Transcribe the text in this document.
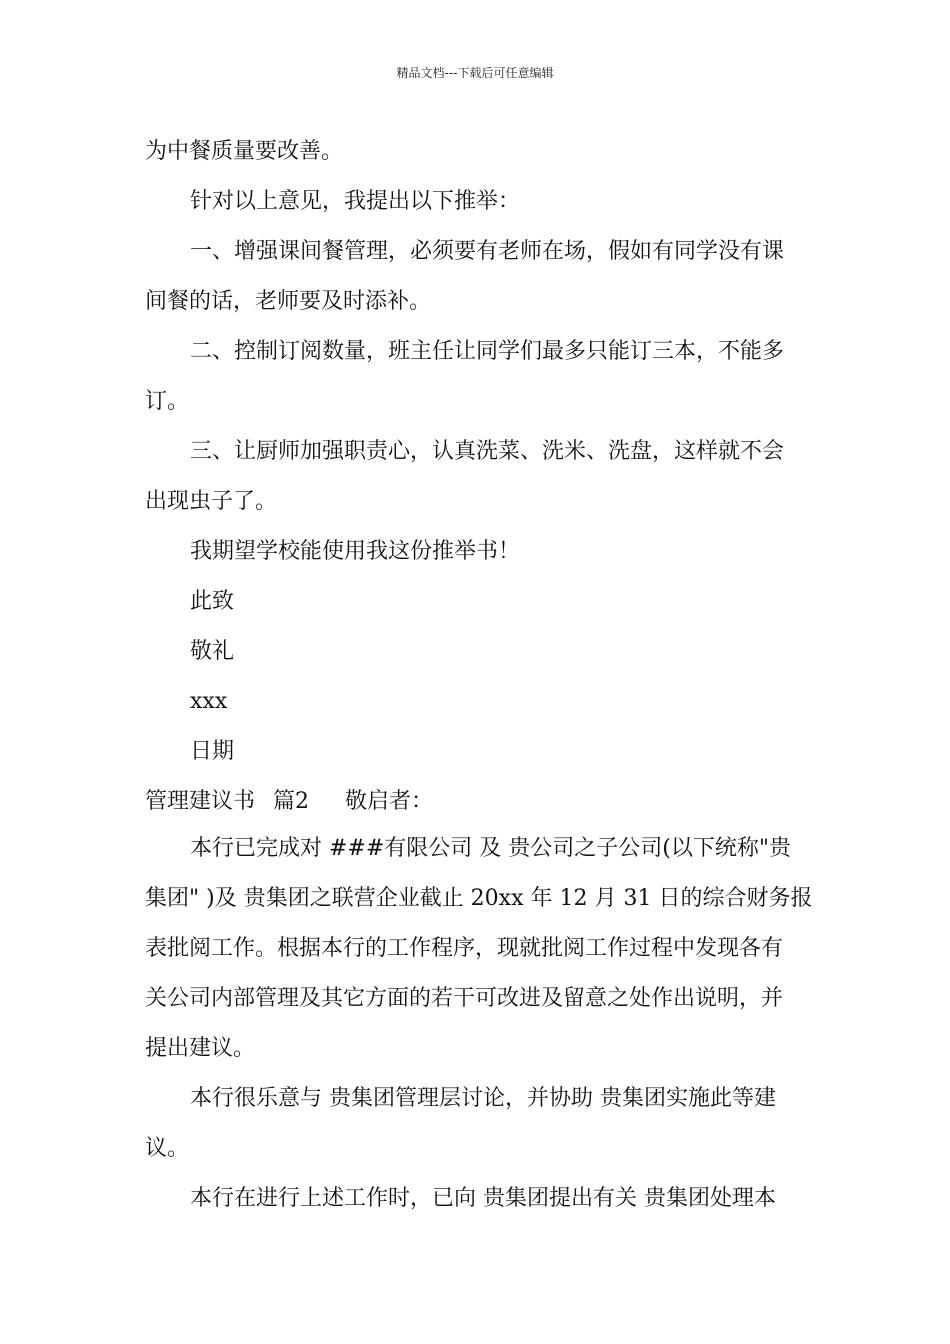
精品文档---下载后可任意编辑
为中餐质量要改善。
针对以上意见，我提出以下推举：
一、增强课间餐管理，必须要有老师在场，假如有同学没有课
间餐的话，老师要及时添补。
二、控制订阅数量，班主任让同学们最多只能订三本，不能多
订。
三、让厨师加强职责心，认真洗菜、洗米、洗盘，这样就不会
出现虫子了。
我期望学校能使用我这份推举书！
此致
敬礼
xxx
日期
管理建议书 篇2 敬启者：
本行已完成对 ###有限公司 及 贵公司之子公司(以下统称"贵
集团" )及 贵集团之联营企业截止 20xx 年 12 月 31 日的综合财务报
表批阅工作。根据本行的工作程序，现就批阅工作过程中发现各有
关公司内部管理及其它方面的若干可改进及留意之处作出说明，并
提出建议。
本行很乐意与 贵集团管理层讨论，并协助 贵集团实施此等建
议。
本行在进行上述工作时，已向 贵集团提出有关 贵集团处理本
